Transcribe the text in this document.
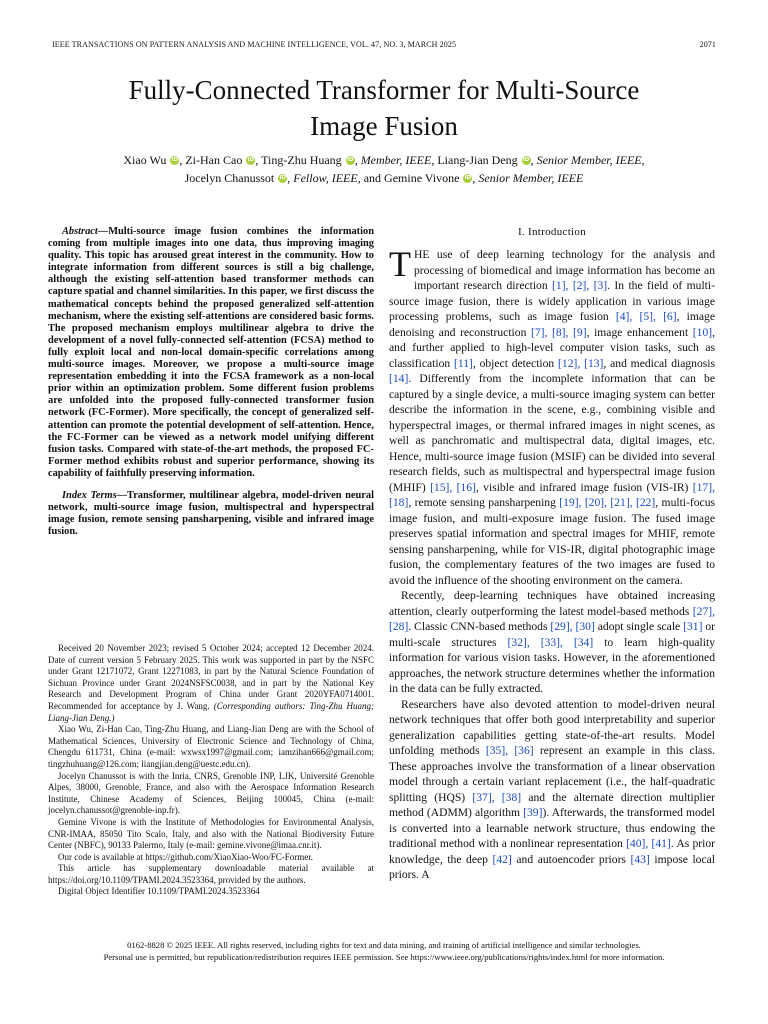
IEEE TRANSACTIONS ON PATTERN ANALYSIS AND MACHINE INTELLIGENCE, VOL. 47, NO. 3, MARCH 2025	2071
Fully-Connected Transformer for Multi-Source
Image Fusion
Xiao Wu iD, Zi-Han Cao iD, Ting-Zhu Huang iD, Member, IEEE, Liang-Jian Deng iD, Senior Member, IEEE,
Jocelyn Chanussot iD, Fellow, IEEE, and Gemine Vivone iD, Senior Member, IEEE

Abstract—Multi-source image fusion combines the information coming from multiple images into one data, thus improving imaging quality. This topic has aroused great interest in the community. How to integrate information from different sources is still a big challenge, although the existing self-attention based transformer methods can capture spatial and channel similarities. In this paper, we first discuss the mathematical concepts behind the proposed generalized self-attention mechanism, where the existing self-attentions are considered basic forms. The proposed mechanism employs multilinear algebra to drive the development of a novel fully-connected self-attention (FCSA) method to fully exploit local and non-local domain-specific correlations among multi-source images. Moreover, we propose a multi-source image representation embedding it into the FCSA framework as a non-local prior within an optimization problem. Some different fusion problems are unfolded into the proposed fully-connected transformer fusion network (FC-Former). More specifically, the concept of generalized self-attention can promote the potential development of self-attention. Hence, the FC-Former can be viewed as a network model unifying different fusion tasks. Compared with state-of-the-art methods, the proposed FC-Former method exhibits robust and superior performance, showing its capability of faithfully preserving information.

Index Terms—Transformer, multilinear algebra, model-driven neural network, multi-source image fusion, multispectral and hyperspectral image fusion, remote sensing pansharpening, visible and infrared image fusion.

Received 20 November 2023; revised 5 October 2024; accepted 12 December 2024. Date of current version 5 February 2025. This work was supported in part by the NSFC under Grant 12171072, Grant 12271083, in part by the Natural Science Foundation of Sichuan Province under Grant 2024NSFSC0038, and in part by the National Key Research and Development Program of China under Grant 2020YFA0714001. Recommended for acceptance by J. Wang. (Corresponding authors: Ting-Zhu Huang; Liang-Jian Deng.)

Xiao Wu, Zi-Han Cao, Ting-Zhu Huang, and Liang-Jian Deng are with the School of Mathematical Sciences, University of Electronic Science and Technology of China, Chengdu 611731, China (e-mail: wxwsx1997@gmail.com; iamzihan666@gmail.com; tingzhuhuang@126.com; liangjian.deng@uestc.edu.cn).

Jocelyn Chanussot is with the Inria, CNRS, Grenoble INP, LJK, Université Grenoble Alpes, 38000, Grenoble, France, and also with the Aerospace Information Research Institute, Chinese Academy of Sciences, Beijing 100045, China (e-mail: jocelyn.chanussot@grenoble-inp.fr).

Gemine Vivone is with the Institute of Methodologies for Environmental Analysis, CNR-IMAA, 85050 Tito Scalo, Italy, and also with the National Biodiversity Future Center (NBFC), 90133 Palermo, Italy (e-mail: gemine.vivone@imaa.cnr.it).

Our code is available at https://github.com/XiaoXiao-Woo/FC-Former.

This article has supplementary downloadable material available at https://doi.org/10.1109/TPAMI.2024.3523364, provided by the authors.

Digital Object Identifier 10.1109/TPAMI.2024.3523364

I. Introduction

THE use of deep learning technology for the analysis and processing of biomedical and image information has become an important research direction [1], [2], [3]. In the field of multi-source image fusion, there is widely application in various image processing problems, such as image fusion [4], [5], [6], image denoising and reconstruction [7], [8], [9], image enhancement [10], and further applied to high-level computer vision tasks, such as classification [11], object detection [12], [13], and medical diagnosis [14]. Differently from the incomplete information that can be captured by a single device, a multi-source imaging system can better describe the information in the scene, e.g., combining visible and hyperspectral images, or thermal infrared images in night scenes, as well as panchromatic and multispectral data, digital images, etc. Hence, multi-source image fusion (MSIF) can be divided into several research fields, such as multispectral and hyperspectral image fusion (MHIF) [15], [16], visible and infrared image fusion (VIS-IR) [17], [18], remote sensing pansharpening [19], [20], [21], [22], multi-focus image fusion, and multi-exposure image fusion. The fused image preserves spatial information and spectral images for MHIF, remote sensing pansharpening, while for VIS-IR, digital photographic image fusion, the complementary features of the two images are fused to avoid the influence of the shooting environment on the camera.

Recently, deep-learning techniques have obtained increasing attention, clearly outperforming the latest model-based methods [27], [28]. Classic CNN-based methods [29], [30] adopt single scale [31] or multi-scale structures [32], [33], [34] to learn high-quality information for various vision tasks. However, in the aforementioned approaches, the network structure determines whether the information in the data can be fully extracted.

Researchers have also devoted attention to model-driven neural network techniques that offer both good interpretability and superior generalization capabilities getting state-of-the-art results. Model unfolding methods [35], [36] represent an example in this class. These approaches involve the transformation of a linear observation model through a certain variant replacement (i.e., the half-quadratic splitting (HQS) [37], [38] and the alternate direction multiplier method (ADMM) algorithm [39]). Afterwards, the transformed model is converted into a learnable network structure, thus endowing the traditional method with a nonlinear representation [40], [41]. As prior knowledge, the deep [42] and autoencoder priors [43] impose local priors. A

0162-8828 © 2025 IEEE. All rights reserved, including rights for text and data mining, and training of artificial intelligence and similar technologies.
Personal use is permitted, but republication/redistribution requires IEEE permission. See https://www.ieee.org/publications/rights/index.html for more information.
